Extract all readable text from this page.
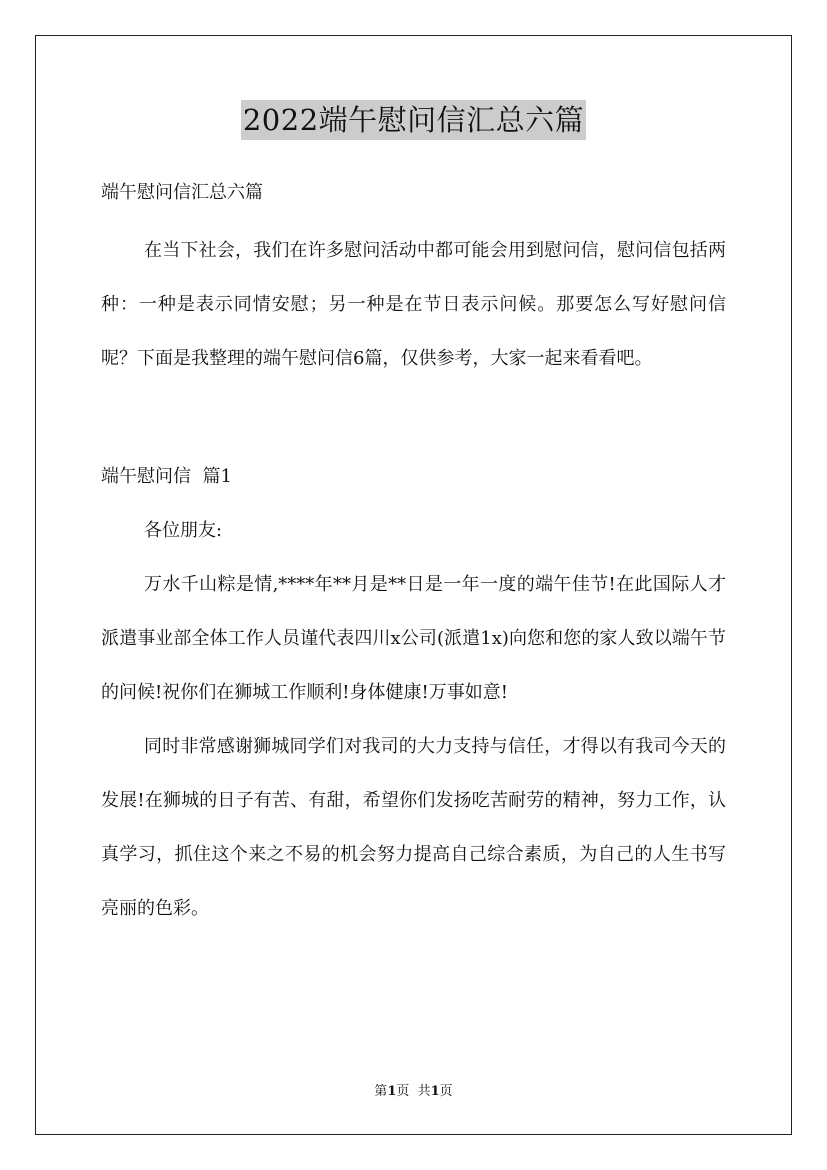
2022端午慰问信汇总六篇

端午慰问信汇总六篇

在当下社会，我们在许多慰问活动中都可能会用到慰问信，慰问信包括两种：一种是表示同情安慰；另一种是在节日表示问候。那要怎么写好慰问信呢？下面是我整理的端午慰问信6篇，仅供参考，大家一起来看看吧。

端午慰问信  篇1

各位朋友:

万水千山粽是情,****年**月是**日是一年一度的端午佳节!在此国际人才派遣事业部全体工作人员谨代表四川x公司(派遣1x)向您和您的家人致以端午节的问候!祝你们在狮城工作顺利!身体健康!万事如意!

同时非常感谢狮城同学们对我司的大力支持与信任，才得以有我司今天的发展!在狮城的日子有苦、有甜，希望你们发扬吃苦耐劳的精神，努力工作，认真学习，抓住这个来之不易的机会努力提高自己综合素质，为自己的人生书写亮丽的色彩。

第1页  共1页
